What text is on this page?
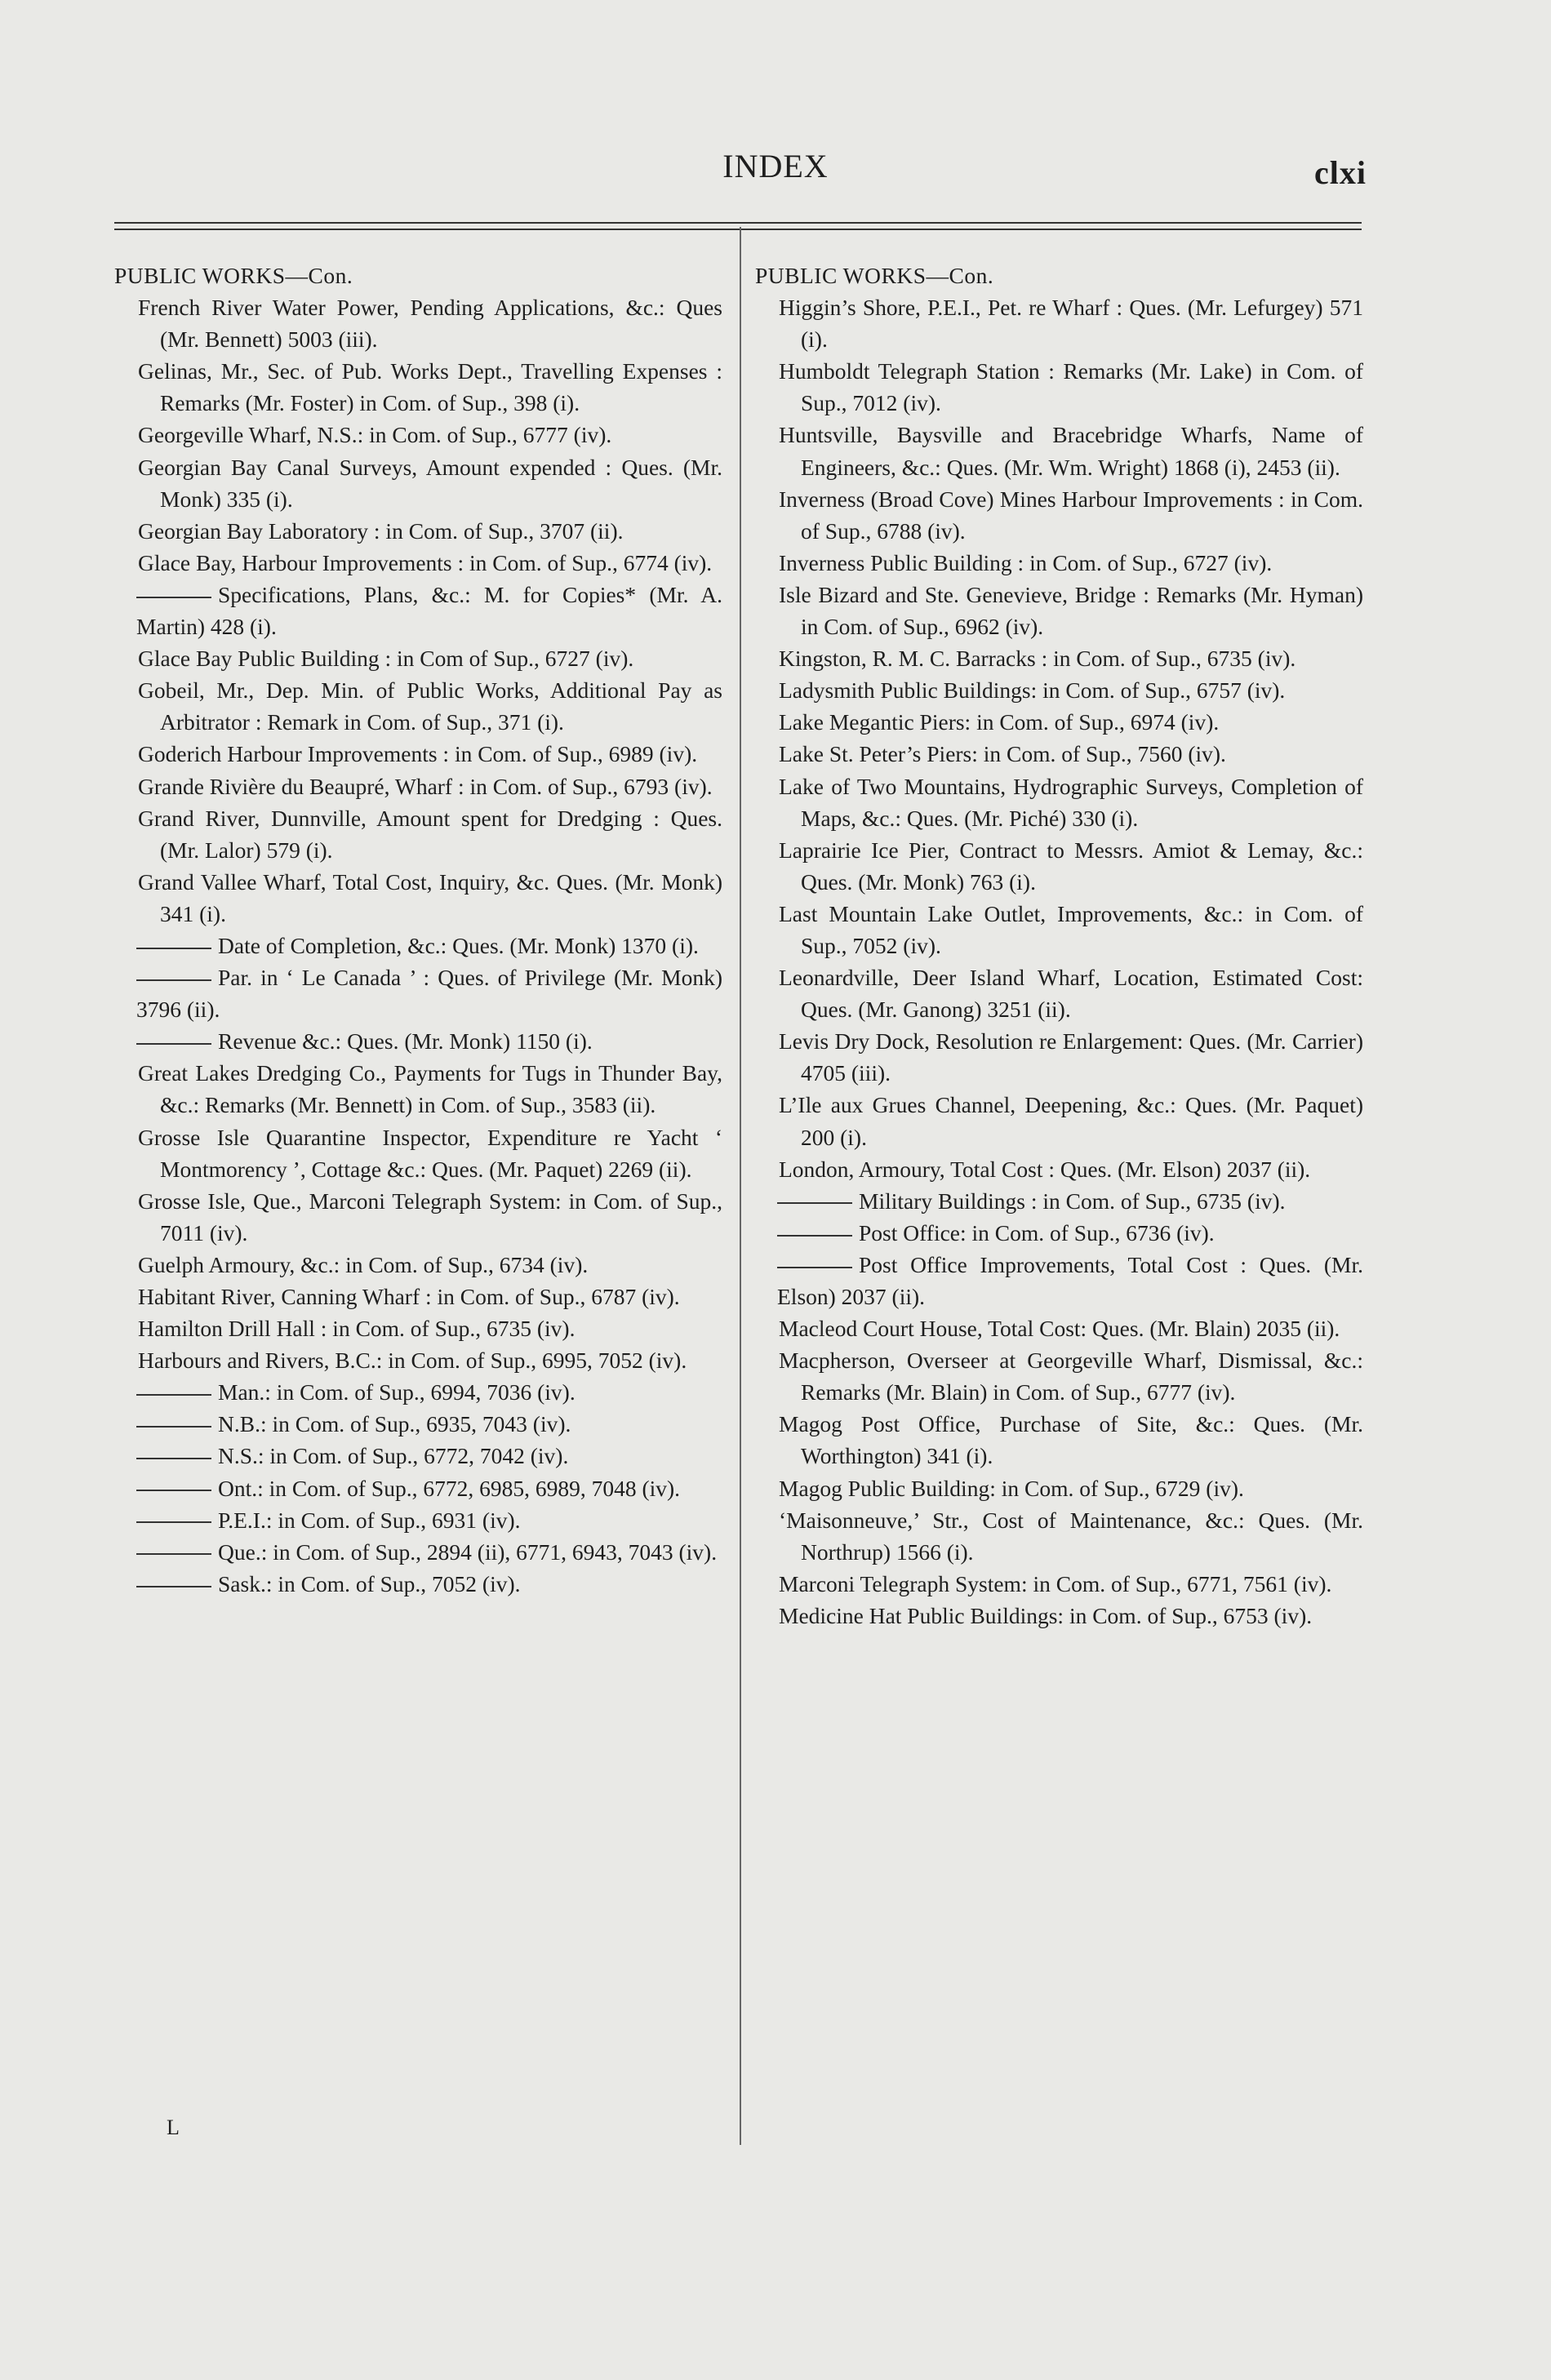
INDEX	clxi
PUBLIC WORKS—Con.

French River Water Power, Pending Applications, &c.: Ques (Mr. Bennett) 5003 (iii).

Gelinas, Mr., Sec. of Pub. Works Dept., Travelling Expenses : Remarks (Mr. Foster) in Com. of Sup., 398 (i).

Georgeville Wharf, N.S.: in Com. of Sup., 6777 (iv).

Georgian Bay Canal Surveys, Amount expended : Ques. (Mr. Monk) 335 (i).

Georgian Bay Laboratory : in Com. of Sup., 3707 (ii).

Glace Bay, Harbour Improvements : in Com. of Sup., 6774 (iv).

Specifications, Plans, &c.: M. for Copies* (Mr. A. Martin) 428 (i).

Glace Bay Public Building : in Com of Sup., 6727 (iv).

Gobeil, Mr., Dep. Min. of Public Works, Additional Pay as Arbitrator : Remark in Com. of Sup., 371 (i).

Goderich Harbour Improvements : in Com. of Sup., 6989 (iv).

Grande Rivière du Beaupré, Wharf : in Com. of Sup., 6793 (iv).

Grand River, Dunnville, Amount spent for Dredging : Ques. (Mr. Lalor) 579 (i).

Grand Vallee Wharf, Total Cost, Inquiry, &c. Ques. (Mr. Monk) 341 (i).

Date of Completion, &c.: Ques. (Mr. Monk) 1370 (i).

Par. in ‘ Le Canada ’ : Ques. of Privilege (Mr. Monk) 3796 (ii).

Revenue &c.: Ques. (Mr. Monk) 1150 (i).

Great Lakes Dredging Co., Payments for Tugs in Thunder Bay, &c.: Remarks (Mr. Bennett) in Com. of Sup., 3583 (ii).

Grosse Isle Quarantine Inspector, Expenditure re Yacht ‘ Montmorency ’, Cottage &c.: Ques. (Mr. Paquet) 2269 (ii).

Grosse Isle, Que., Marconi Telegraph System: in Com. of Sup., 7011 (iv).

Guelph Armoury, &c.: in Com. of Sup., 6734 (iv).

Habitant River, Canning Wharf : in Com. of Sup., 6787 (iv).

Hamilton Drill Hall : in Com. of Sup., 6735 (iv).

Harbours and Rivers, B.C.: in Com. of Sup., 6995, 7052 (iv).

Man.: in Com. of Sup., 6994, 7036 (iv).

N.B.: in Com. of Sup., 6935, 7043 (iv).

N.S.: in Com. of Sup., 6772, 7042 (iv).

Ont.: in Com. of Sup., 6772, 6985, 6989, 7048 (iv).

P.E.I.: in Com. of Sup., 6931 (iv).

Que.: in Com. of Sup., 2894 (ii), 6771, 6943, 7043 (iv).

Sask.: in Com. of Sup., 7052 (iv).

PUBLIC WORKS—Con.

Higgin’s Shore, P.E.I., Pet. re Wharf : Ques. (Mr. Lefurgey) 571 (i).

Humboldt Telegraph Station : Remarks (Mr. Lake) in Com. of Sup., 7012 (iv).

Huntsville, Baysville and Bracebridge Wharfs, Name of Engineers, &c.: Ques. (Mr. Wm. Wright) 1868 (i), 2453 (ii).

Inverness (Broad Cove) Mines Harbour Improvements : in Com. of Sup., 6788 (iv).

Inverness Public Building : in Com. of Sup., 6727 (iv).

Isle Bizard and Ste. Genevieve, Bridge : Remarks (Mr. Hyman) in Com. of Sup., 6962 (iv).

Kingston, R. M. C. Barracks : in Com. of Sup., 6735 (iv).

Ladysmith Public Buildings: in Com. of Sup., 6757 (iv).

Lake Megantic Piers: in Com. of Sup., 6974 (iv).

Lake St. Peter’s Piers: in Com. of Sup., 7560 (iv).

Lake of Two Mountains, Hydrographic Surveys, Completion of Maps, &c.: Ques. (Mr. Piché) 330 (i).

Laprairie Ice Pier, Contract to Messrs. Amiot & Lemay, &c.: Ques. (Mr. Monk) 763 (i).

Last Mountain Lake Outlet, Improvements, &c.: in Com. of Sup., 7052 (iv).

Leonardville, Deer Island Wharf, Location, Estimated Cost: Ques. (Mr. Ganong) 3251 (ii).

Levis Dry Dock, Resolution re Enlargement: Ques. (Mr. Carrier) 4705 (iii).

L’Ile aux Grues Channel, Deepening, &c.: Ques. (Mr. Paquet) 200 (i).

London, Armoury, Total Cost : Ques. (Mr. Elson) 2037 (ii).

Military Buildings : in Com. of Sup., 6735 (iv).

Post Office: in Com. of Sup., 6736 (iv).

Post Office Improvements, Total Cost : Ques. (Mr. Elson) 2037 (ii).

Macleod Court House, Total Cost: Ques. (Mr. Blain) 2035 (ii).

Macpherson, Overseer at Georgeville Wharf, Dismissal, &c.: Remarks (Mr. Blain) in Com. of Sup., 6777 (iv).

Magog Post Office, Purchase of Site, &c.: Ques. (Mr. Worthington) 341 (i).

Magog Public Building: in Com. of Sup., 6729 (iv).

‘Maisonneuve,’ Str., Cost of Maintenance, &c.: Ques. (Mr. Northrup) 1566 (i).

Marconi Telegraph System: in Com. of Sup., 6771, 7561 (iv).

Medicine Hat Public Buildings: in Com. of Sup., 6753 (iv).

L
